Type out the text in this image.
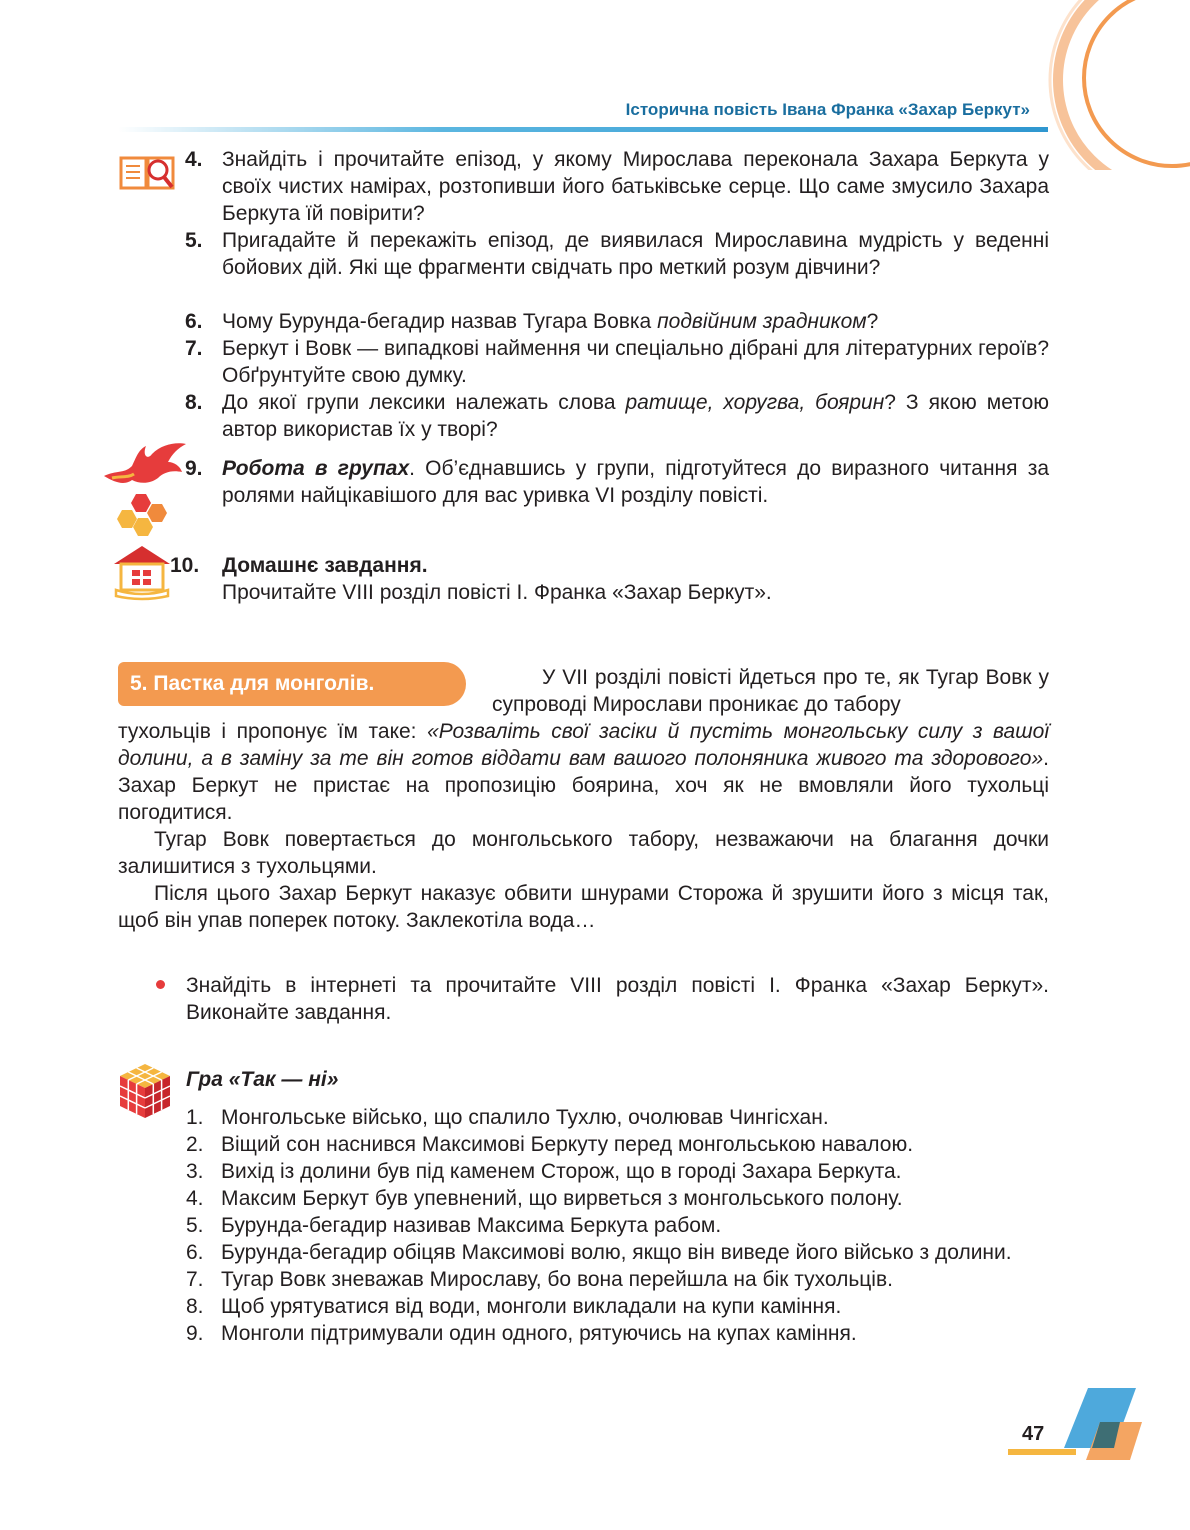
Історична повість Івана Франка «Захар Беркут»
4. Знайдіть і прочитайте епізод, у якому Мирослава переконала Захара Беркута у своїх чистих намірах, розтопивши його батьківське серце. Що саме змусило Захара Беркута їй повірити?
5. Пригадайте й перекажіть епізод, де виявилася Мирославина мудрість у веденні бойових дій. Які ще фрагменти свідчать про меткий розум дівчини?
6. Чому Бурунда-бегадир назвав Тугара Вовка подвійним зрадником?
7. Беркут і Вовк — випадкові наймення чи спеціально дібрані для літературних героїв? Обґрунтуйте свою думку.
8. До якої групи лексики належать слова ратище, хоругва, боярин? З якою метою автор використав їх у творі?
9. Робота в групах. Об’єднавшись у групи, підготуйтеся до виразного читання за ролями найцікавішого для вас уривка VI розділу повісті.
10.	Домашнє завдання.
Прочитайте VIII розділ повісті І. Франка «Захар Беркут».
5. Пастка для монголів.	У VII розділі повісті йдеться про те, як Тугар Вовк у супроводі Мирослави проникає до табору
тухольців і пропонує їм таке: «Розваліть свої засіки й пустіть монгольську силу з вашої долини, а в заміну за те він готов віддати вам вашого полоняника живого та здорового». Захар Беркут не пристає на пропозицію боярина, хоч як не вмовляли його тухольці погодитися.
Тугар Вовк повертається до монгольського табору, незважаючи на благання дочки залишитися з тухольцями.
Після цього Захар Беркут наказує обвити шнурами Сторожа й зрушити його з місця так, щоб він упав поперек потоку. Заклекотіла вода…
Знайдіть в інтернеті та прочитайте VIII розділ повісті І. Франка «Захар Беркут». Виконайте завдання.
Гра «Так — ні»
1. Монгольське військо, що спалило Тухлю, очолював Чингісхан.
2. Віщий сон наснився Максимові Беркуту перед монгольською навалою.
3. Вихід із долини був під каменем Сторож, що в городі Захара Беркута.
4. Максим Беркут був упевнений, що вирветься з монгольського полону.
5. Бурунда-бегадир називав Максима Беркута рабом.
6. Бурунда-бегадир обіцяв Максимові волю, якщо він виведе його військо з долини.
7. Тугар Вовк зневажав Мирославу, бо вона перейшла на бік тухольців.
8. Щоб урятуватися від води, монголи викладали на купи каміння.
9. Монголи підтримували один одного, рятуючись на купах каміння.
47
